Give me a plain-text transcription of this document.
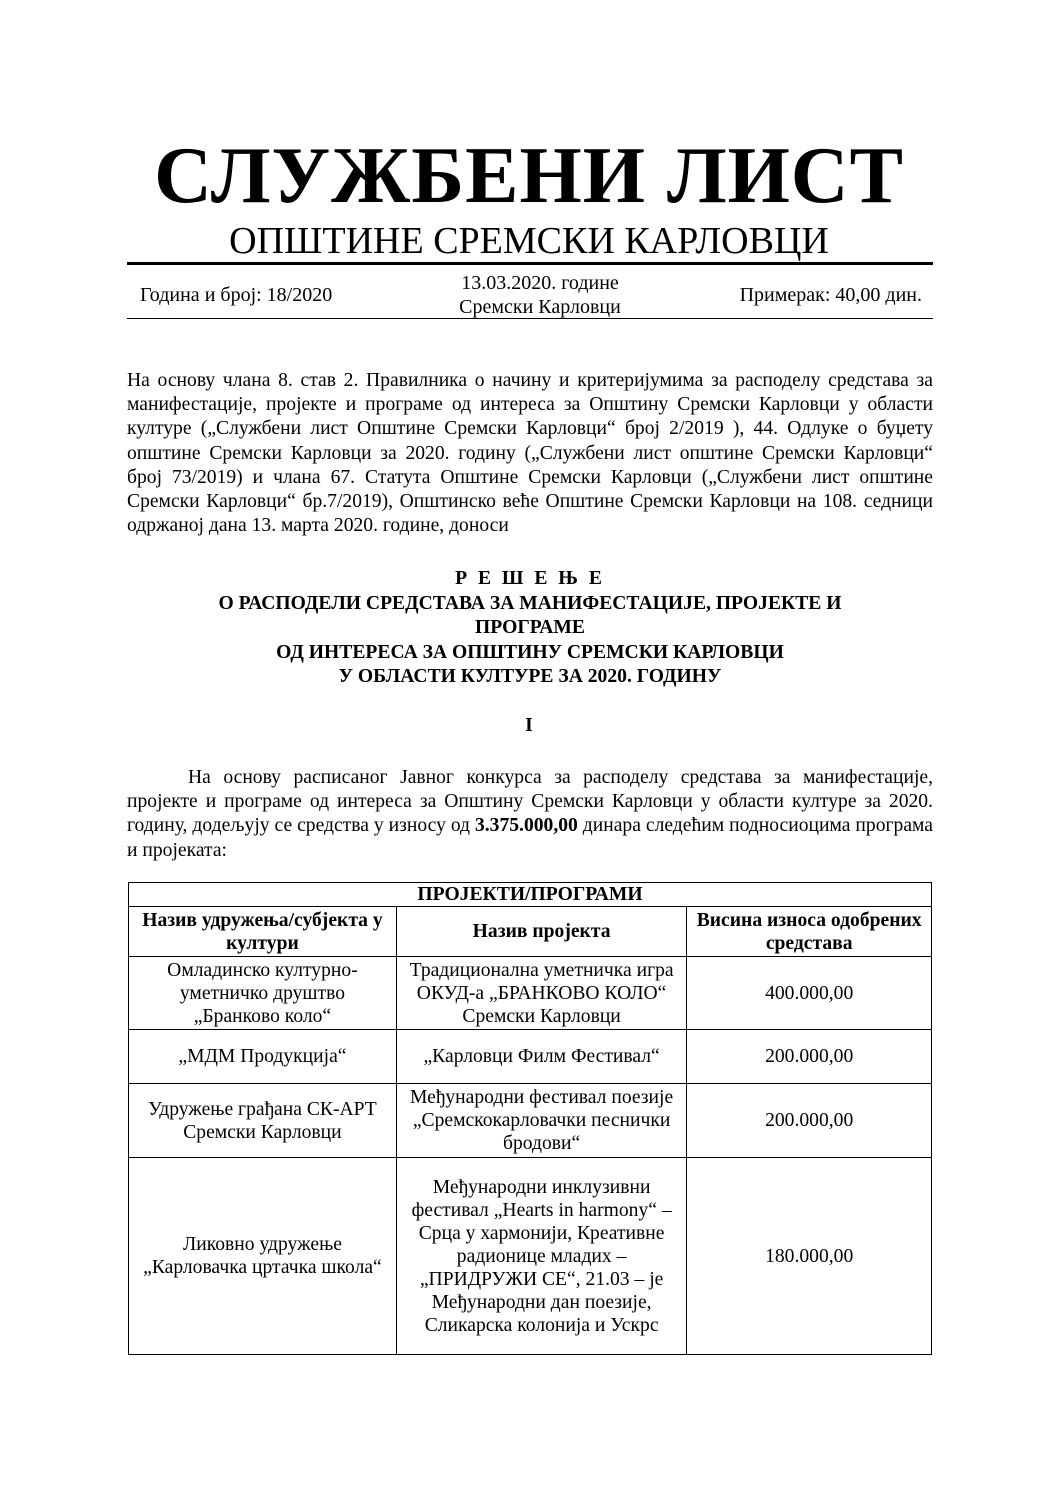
СЛУЖБЕНИ ЛИСТ
ОПШТИНЕ СРЕМСКИ КАРЛОВЦИ
Година и број: 18/2020
13.03.2020. године
Сремски Карловци
Примерак: 40,00 дин.

На основу члана 8. став 2. Правилника о начину и критеријумима за расподелу средстава за манифестације, пројекте и програме од интереса за Општину Сремски Карловци у области културе („Службени лист Општине Сремски Карловци“ број 2/2019 ), 44. Одлуке о буџету општине Сремски Карловци за 2020. годину („Службени лист општине Сремски Карловци“ број 73/2019) и члана 67. Статута Општине Сремски Карловци („Службени лист општине Сремски Карловци“ бр.7/2019), Општинско веће Општине Сремски Карловци на 108. седници одржаној дана 13. марта 2020. године, доноси

Р Е Ш Е Њ Е
О РАСПОДЕЛИ СРЕДСТАВА ЗА МАНИФЕСТАЦИЈЕ, ПРОЈЕКТЕ И
ПРОГРАМЕ
ОД ИНТЕРЕСА ЗА ОПШТИНУ СРЕМСКИ КАРЛОВЦИ
У ОБЛАСТИ КУЛТУРЕ ЗА 2020. ГОДИНУ
I

На основу расписаног Јавног конкурса за расподелу средстава за манифестације, пројекте и програме од интереса за Општину Сремски Карловци у области културе за 2020. годину, додељују се средства у износу од 3.375.000,00 динара следећим подносиоцима програма и пројеката:

ПРОЈЕКТИ/ПРОГРАМИ		
Назив удружења/субјекта у култури	Назив пројекта	Висина износа одобрених средстава
Омладинско културно-уметничко друштво „Бранково коло“	Традиционална уметничка игра ОКУД-а „БРАНКОВО КОЛО“ Сремски Карловци	400.000,00
„МДМ Продукција“	„Карловци Филм Фестивал“	200.000,00
Удружење грађана СК-АРТ Сремски Карловци	Међународни фестивал поезије „Сремскокарловачки песнички бродови“	200.000,00
Ликовно удружење „Карловачка цртачка школа“	Међународни инклузивни фестивал „Hearts in harmony“ – Срца у хармонији, Креативне радионице младих – „ПРИДРУЖИ СЕ“, 21.03 – је Међународни дан поезије, Сликарска колонија и Ускрс	180.000,00
